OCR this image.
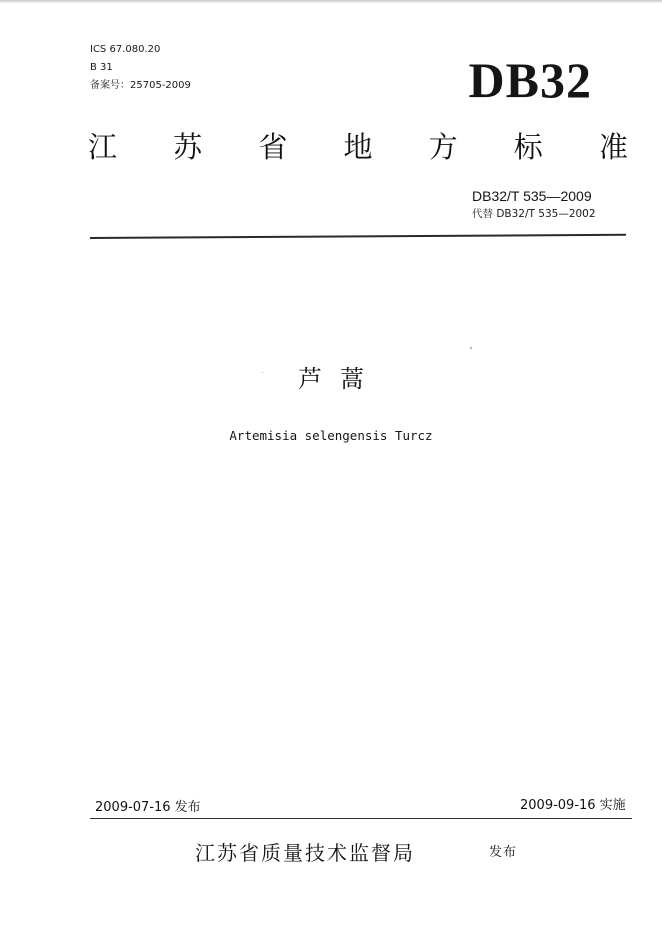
ICS 67.080.20
B 31
备案号：25705-2009	DB32
江 苏 省 地 方 标 准
DB32/T 535—2009
代替 DB32/T 535—2002
芦蒿
Artemisia selengensis Turcz
2009-07-16 发布	2009-09-16 实施
江苏省质量技术监督局	发布
